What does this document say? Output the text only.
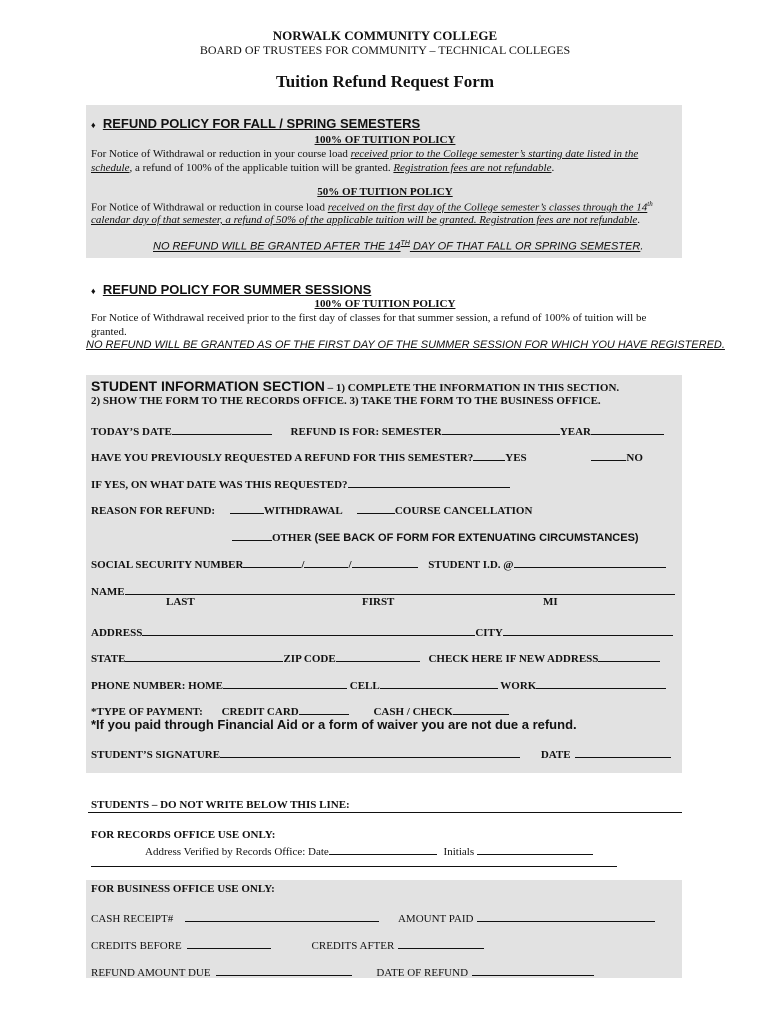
NORWALK COMMUNITY COLLEGE
BOARD OF TRUSTEES FOR COMMUNITY – TECHNICAL COLLEGES
Tuition Refund Request Form
♦ REFUND POLICY FOR FALL / SPRING SEMESTERS
100% OF TUITION POLICY
For Notice of Withdrawal or reduction in your course load received prior to the College semester’s starting date listed in the
schedule, a refund of 100% of the applicable tuition will be granted. Registration fees are not refundable.
50% OF TUITION POLICY
For Notice of Withdrawal or reduction in course load received on the first day of the College semester’s classes through the 14th
calendar day of that semester, a refund of 50% of the applicable tuition will be granted. Registration fees are not refundable.
NO REFUND WILL BE GRANTED AFTER THE 14TH DAY OF THAT FALL OR SPRING SEMESTER.
♦ REFUND POLICY FOR SUMMER SESSIONS
100% OF TUITION POLICY
For Notice of Withdrawal received prior to the first day of classes for that summer session, a refund of 100% of tuition will be
granted.
NO REFUND WILL BE GRANTED AS OF THE FIRST DAY OF THE SUMMER SESSION FOR WHICH YOU HAVE REGISTERED.
STUDENT INFORMATION SECTION – 1) COMPLETE THE INFORMATION IN THIS SECTION.
2) SHOW THE FORM TO THE RECORDS OFFICE. 3) TAKE THE FORM TO THE BUSINESS OFFICE.
TODAY’S DATE	REFUND IS FOR: SEMESTER	YEAR
HAVE YOU PREVIOUSLY REQUESTED A REFUND FOR THIS SEMESTER?	YES	NO
IF YES, ON WHAT DATE WAS THIS REQUESTED?
REASON FOR REFUND:	WITHDRAWAL	COURSE CANCELLATION
OTHER (SEE BACK OF FORM FOR EXTENUATING CIRCUMSTANCES)
SOCIAL SECURITY NUMBER	/	/	STUDENT I.D. @
NAME
LAST	FIRST	MI
ADDRESS	CITY
STATE	ZIP CODE	CHECK HERE IF NEW ADDRESS
PHONE NUMBER: HOME	CELL	WORK
*TYPE OF PAYMENT: CREDIT CARD	CASH / CHECK
*If you paid through Financial Aid or a form of waiver you are not due a refund.
STUDENT’S SIGNATURE	DATE
STUDENTS – DO NOT WRITE BELOW THIS LINE:
FOR RECORDS OFFICE USE ONLY:
Address Verified by Records Office: Date	Initials
FOR BUSINESS OFFICE USE ONLY:
CASH RECEIPT#	AMOUNT PAID
CREDITS BEFORE	CREDITS AFTER
REFUND AMOUNT DUE	DATE OF REFUND
